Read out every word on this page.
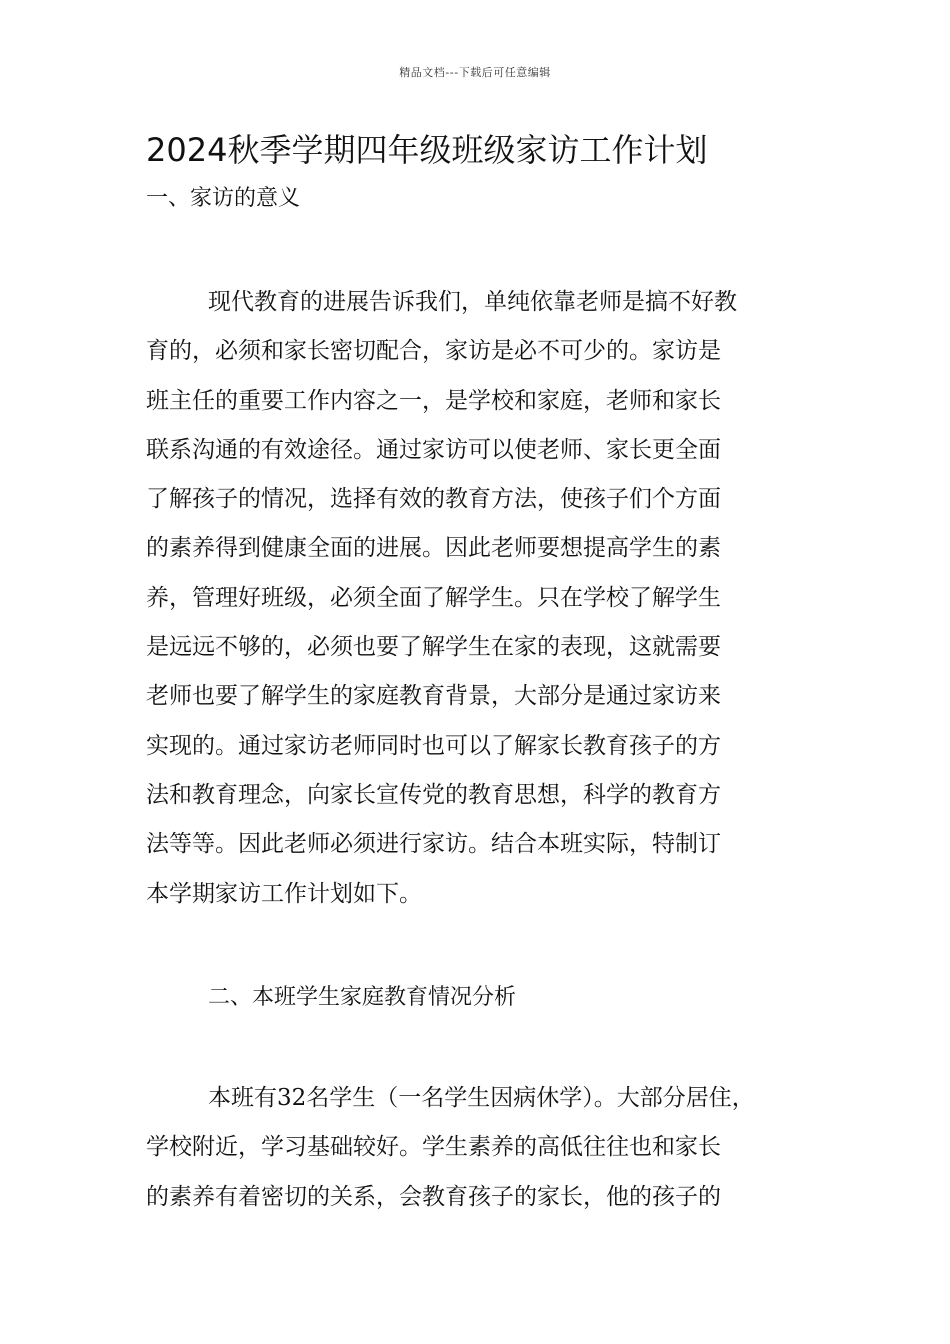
精品文档---下载后可任意编辑
2024秋季学期四年级班级家访工作计划
一、家访的意义
现代教育的进展告诉我们，单纯依靠老师是搞不好教
育的，必须和家长密切配合，家访是必不可少的。家访是
班主任的重要工作内容之一，是学校和家庭，老师和家长
联系沟通的有效途径。通过家访可以使老师、家长更全面
了解孩子的情况，选择有效的教育方法，使孩子们个方面
的素养得到健康全面的进展。因此老师要想提高学生的素
养，管理好班级，必须全面了解学生。只在学校了解学生
是远远不够的，必须也要了解学生在家的表现，这就需要
老师也要了解学生的家庭教育背景，大部分是通过家访来
实现的。通过家访老师同时也可以了解家长教育孩子的方
法和教育理念，向家长宣传党的教育思想，科学的教育方
法等等。因此老师必须进行家访。结合本班实际，特制订
本学期家访工作计划如下。
二、本班学生家庭教育情况分析
本班有32名学生（一名学生因病休学）。大部分居住，
学校附近，学习基础较好。学生素养的高低往往也和家长
的素养有着密切的关系，会教育孩子的家长，他的孩子的
